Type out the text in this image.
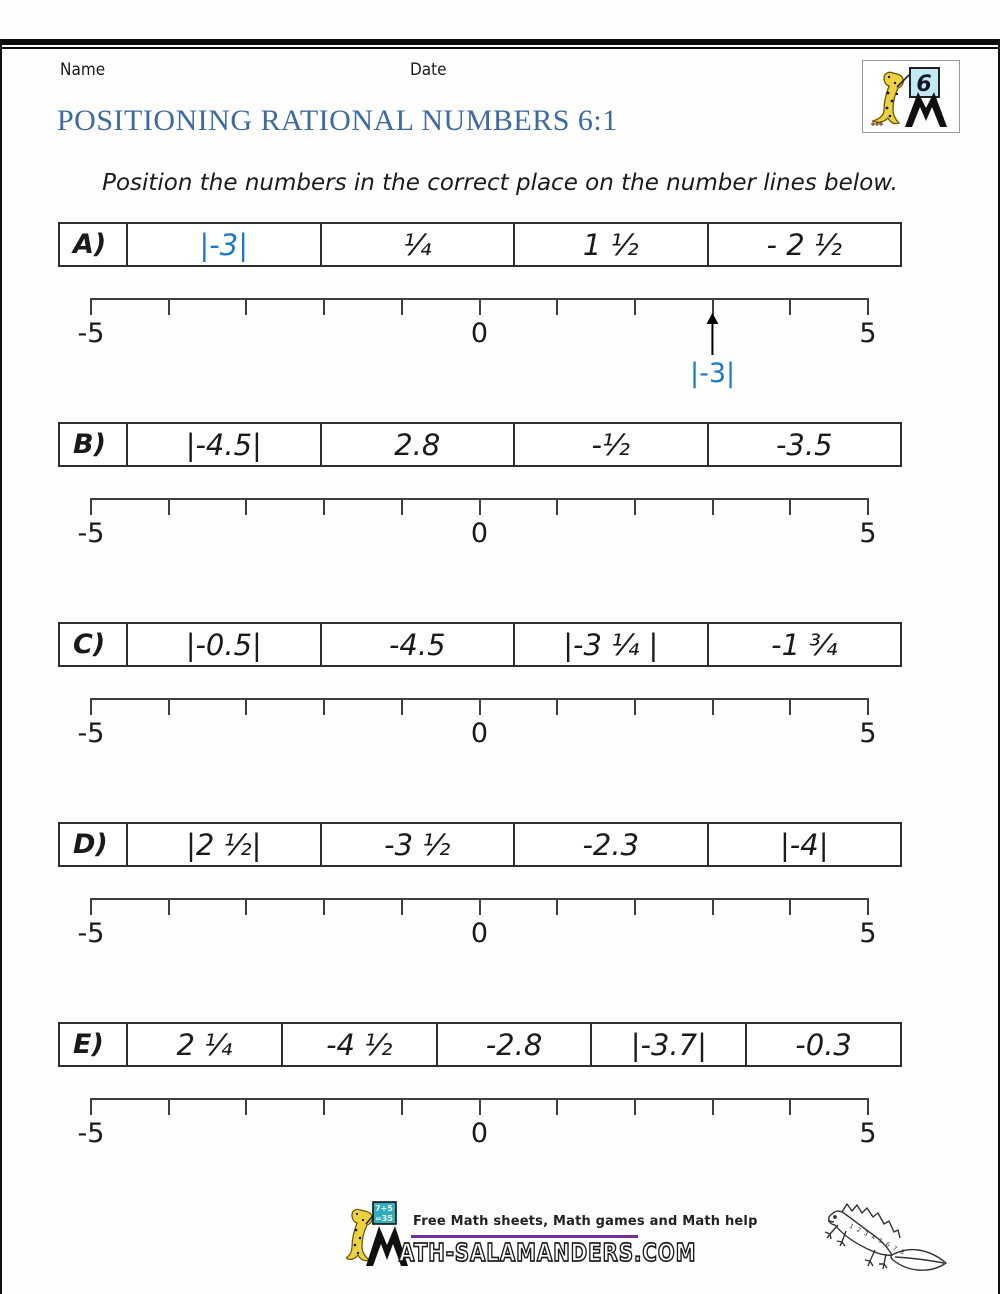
Name	Date
6
POSITIONING RATIONAL NUMBERS 6:1
Position the numbers in the correct place on the number lines below.
A)	|-3|	¼	1 ½	- 2 ½
-5	0	5
|-3|
B)	|-4.5|	2.8	-½	-3.5
-5	0	5
C)	|-0.5|	-4.5	|-3 ¼ |	-1 ¾
-5	0	5
D)	|2 ½|	-3 ½	-2.3	|-4|
-5	0	5
E)	2 ¼	-4 ½	-2.8	|-3.7|	-0.3
-5	0	5
7+5
=35 Free Math sheets, Math games and Math help
ATH-SALAMANDERS.COM	1 2 3 4 5 6 7 8
